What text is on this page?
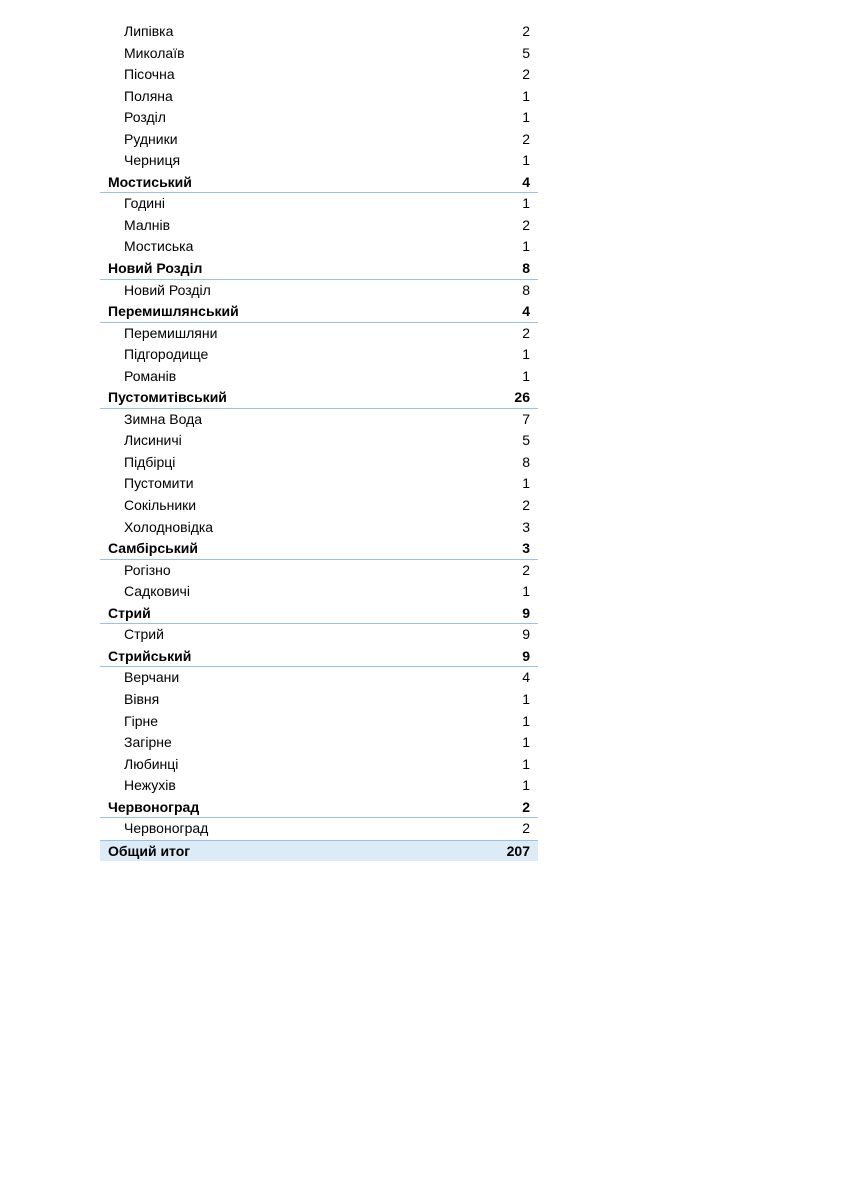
Липівка	2
Миколаїв	5
Пісочна	2
Поляна	1
Розділ	1
Рудники	2
Черниця	1
Мостиський	4
Годині	1
Малнів	2
Мостиська	1
Новий Розділ	8
Новий Розділ	8
Перемишлянський	4
Перемишляни	2
Підгородище	1
Романів	1
Пустомитівський	26
Зимна Вода	7
Лисиничі	5
Підбірці	8
Пустомити	1
Сокільники	2
Холодновідка	3
Самбірський	3
Рогізно	2
Садковичі	1
Стрий	9
Стрий	9
Стрийський	9
Верчани	4
Вівня	1
Гірне	1
Загірне	1
Любинці	1
Нежухів	1
Червоноград	2
Червоноград	2
Общий итог	207
